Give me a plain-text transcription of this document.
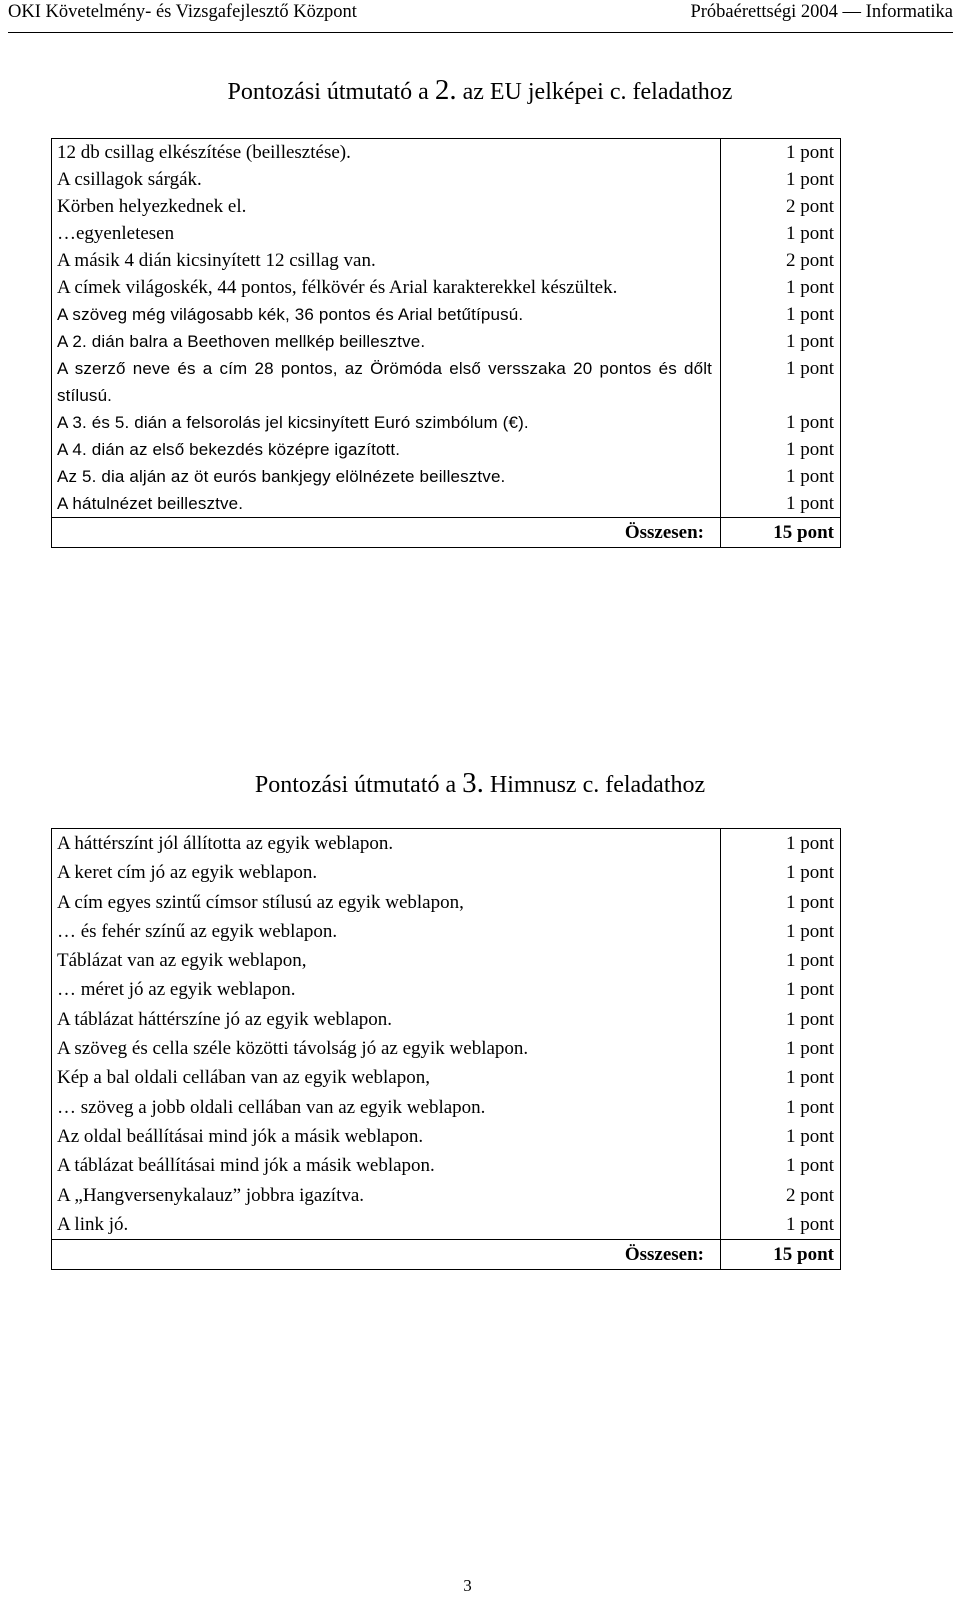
OKI Követelmény- és Vizsgafejlesztő Központ	Próbaérettségi 2004 — Informatika
Pontozási útmutató a 2. az EU jelképei c. feladathoz
12 db csillag elkészítése (beillesztése).	1 pont
A csillagok sárgák.	1 pont
Körben helyezkednek el.	2 pont
…egyenletesen	1 pont
A másik 4 dián kicsinyített 12 csillag van.	2 pont
A címek világoskék, 44 pontos, félkövér és Arial karakterekkel készültek.	1 pont
A szöveg még világosabb kék, 36 pontos és Arial betűtípusú.	1 pont
A 2. dián balra a Beethoven mellkép beillesztve.	1 pont
A szerző neve és a cím 28 pontos, az Örömóda első versszaka 20 pontos és dőlt stílusú.	1 pont
A 3. és 5. dián a felsorolás jel kicsinyített Euró szimbólum (€).	1 pont
A 4. dián az első bekezdés középre igazított.	1 pont
Az 5. dia alján az öt eurós bankjegy elölnézete beillesztve.	1 pont
A hátulnézet beillesztve.	1 pont
Összesen:	15 pont
Pontozási útmutató a 3. Himnusz c. feladathoz
A háttérszínt jól állította az egyik weblapon.	1 pont
A keret cím jó az egyik weblapon.	1 pont
A cím egyes szintű címsor stílusú az egyik weblapon,	1 pont
… és fehér színű az egyik weblapon.	1 pont
Táblázat van az egyik weblapon,	1 pont
… méret jó az egyik weblapon.	1 pont
A táblázat háttérszíne jó az egyik weblapon.	1 pont
A szöveg és cella széle közötti távolság jó az egyik weblapon.	1 pont
Kép a bal oldali cellában van az egyik weblapon,	1 pont
… szöveg a jobb oldali cellában van az egyik weblapon.	1 pont
Az oldal beállításai mind jók a másik weblapon.	1 pont
A táblázat beállításai mind jók a másik weblapon.	1 pont
A „Hangversenykalauz” jobbra igazítva.	2 pont
A link jó.	1 pont
Összesen:	15 pont
3
